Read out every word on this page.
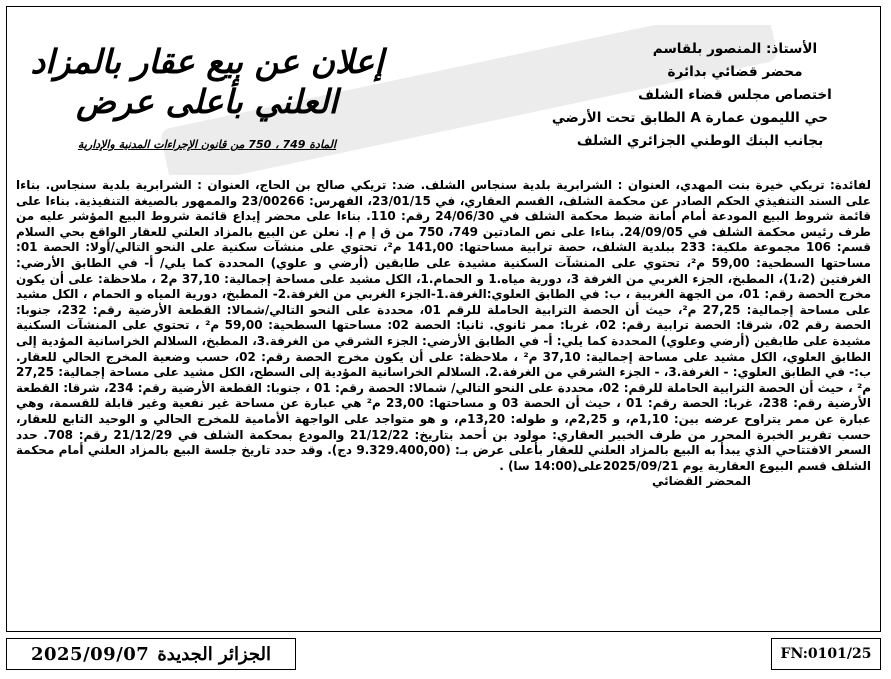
إعلان عن بيع عقار بالمزاد
العلني بأعلى عرض
المادة 749 ، 750 من قانون الإجراءات المدنية والإدارية
الأستاذ: المنصور بلقاسم
محضر قضائي بدائرة
اختصاص مجلس قضاء الشلف
حي الليمون عمارة A الطابق تحت الأرضي
بجانب البنك الوطني الجزائري الشلف
لفائدة: تريكي خيرة بنت المهدي، العنوان : الشرابرية بلدية سنجاس الشلف. ضد: تريكي صالح بن الحاج، العنوان : الشرابرية بلدية سنجاس. بناءا على السند التنفيذي الحكم الصادر عن محكمة الشلف، القسم العقاري، في 23/01/15، الفهرس: 23/00266 والممهور بالصيغة التنفيذية. بناءا على قائمة شروط البيع المودعة أمام أمانة ضبط محكمة الشلف في 24/06/30 رقم: 110. بناءا على محضر إيداع قائمة شروط البيع المؤشر عليه من طرف رئيس محكمة الشلف في 24/09/05. بناءا على نص المادتين 749، 750 من ق إ م إ. نعلن عن البيع بالمزاد العلني للعقار الواقع بحي السلام قسم: 106 مجموعة ملكية: 233 ببلدية الشلف، حصة ترابية مساحتها: 141,00 م²، تحتوي على منشآت سكنية على النحو التالي/أولا: الحصة 01: مساحتها السطحية: 59,00 م²، تحتوي على المنشآت السكنية مشيدة على طابقين (أرضي و علوي) المحددة كما يلي/ أ- في الطابق الأرضي: الغرفتين (1،2)، المطبخ، الجزء الغربي من الغرفة 3، دورية مياه.1 و الحمام.1، الكل مشيد على مساحة إجمالية: 37,10 م2 ، ملاحظة: على أن يكون مخرج الحصة رقم: 01، من الجهة الغربية ، ب: في الطابق العلوي:الغرفة.1-الجزء الغربي من الغرفة.2- المطبخ، دورية المياه و الحمام ، الكل مشيد على مساحة إجمالية: 27,25 م²، حيث أن الحصة الترابية الحاملة للرقم 01، محددة على النحو التالي/شمالا: القطعة الأرضية رقم: 232، جنوبا: الحصة رقم 02، شرقا: الحصة ترابية رقم: 02، غربا: ممر ثانوي. ثانيا: الحصة 02: مساحتها السطحية: 59,00 م² ، تحتوي على المنشآت السكنية مشيدة على طابقين (أرضي وعلوي) المحددة كما يلي: أ- في الطابق الأرضي: الجزء الشرقي من الغرفة.3، المطبخ، السلالم الخراسانية المؤدية إلى الطابق العلوي، الكل مشيد على مساحة إجمالية: 37,10 م² ، ملاحظة: على أن يكون مخرج الحصة رقم: 02، حسب وضعية المخرج الحالي للعقار. ب:- في الطابق العلوي: - الغرفة.3، - الجزء الشرقي من الغرفة.2. السلالم الخراسانية المؤدية إلى السطح، الكل مشيد على مساحة إجمالية: 27,25 م² ، حيث أن الحصة الترابية الحاملة للرقم: 02، محددة على النحو التالي/ شمالا: الحصة رقم: 01 ، جنوبا: القطعة الأرضية رقم: 234، شرقا: القطعة الأرضية رقم: 238، غربا: الحصة رقم: 01 ، حيث أن الحصة 03 و مساحتها: 23,00 م² هي عبارة عن مساحة غير نفعية وغير قابلة للقسمة، وهي عبارة عن ممر يتراوح عرضه بين: 1,10م، و 2,25م، و طوله: 13,20م، و هو متواجد على الواجهة الأمامية للمخرج الحالي و الوحيد التابع للعقار، حسب تقرير الخبرة المحرر من طرف الخبير العقاري: مولود بن أحمد بتاريخ: 21/12/22 والمودع بمحكمة الشلف في 21/12/29 رقم: 708. حدد السعر الافتتاحي الذي يبدأ به البيع بالمزاد العلني للعقار بأعلى عرض بـ: (9.329.400,00 دج). وقد حدد تاريخ جلسة البيع بالمزاد العلني أمام محكمة الشلف قسم البيوع العقارية يوم 2025/09/21على(14:00 سا) .
المحضر القضائي
الجزائر الجديدة
2025/09/07	FN:0101/25
